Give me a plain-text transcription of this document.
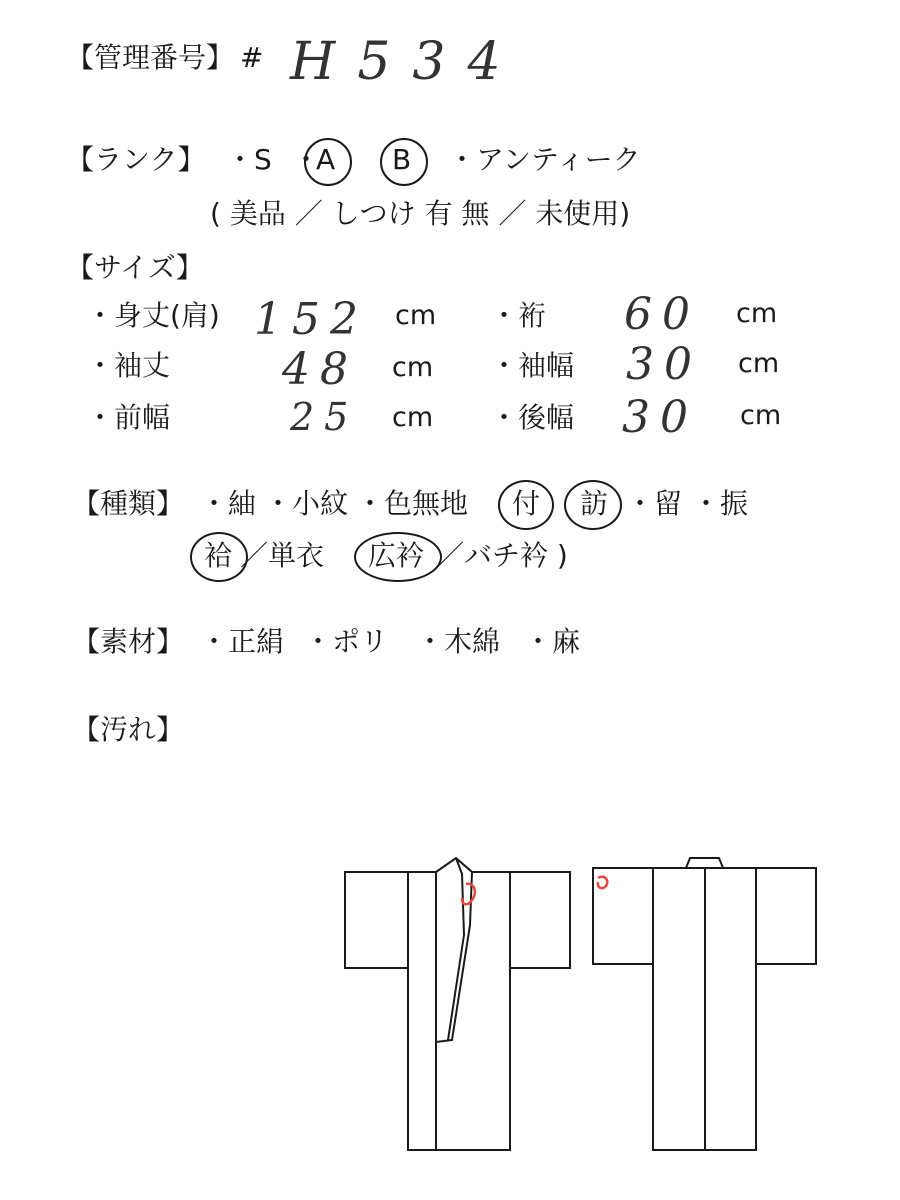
【管理番号】 # H534
【ランク】 ・S ・
A B ・アンティーク
( 美品 ／ しつけ 有 無 ／ 未使用)
【サイズ】
・身丈(肩) 152 cm ・裄 60 cm
・袖丈	48 cm ・袖幅 30 cm
・前幅	25 cm ・後幅 30 cm
【種類】 ・紬 ・小紋 ・色無地 付 訪 ・留 ・振
袷 ／単衣 広衿 ／バチ衿 )
【素材】 ・正絹 ・ポリ ・木綿 ・麻
【汚れ】
